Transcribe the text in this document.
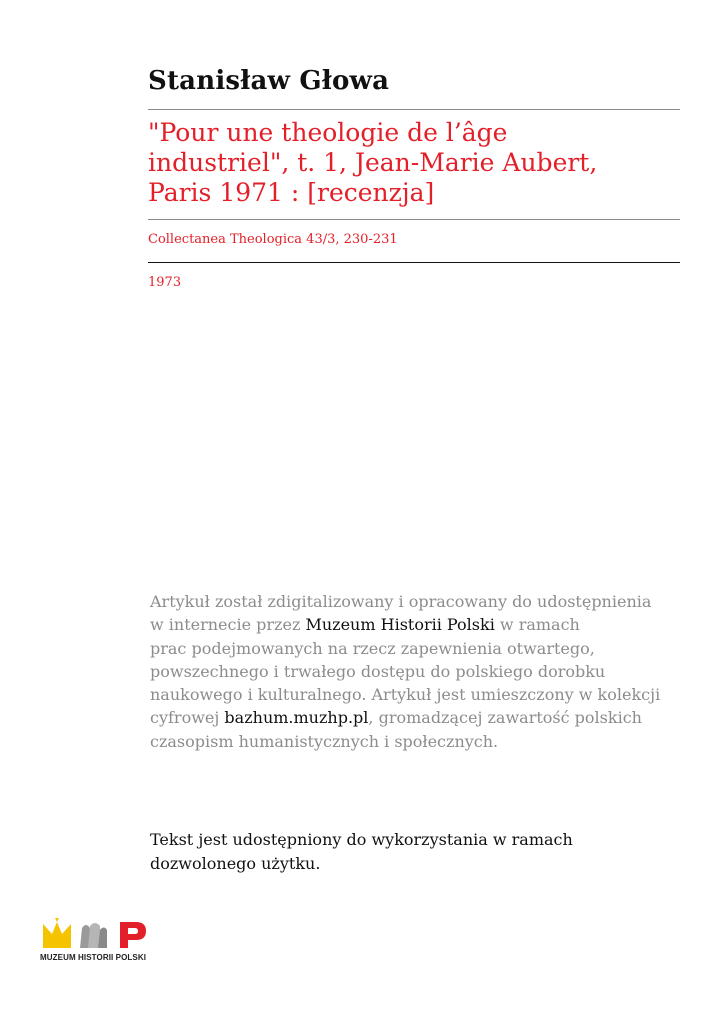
Stanisław Głowa
"Pour une theologie de l’âge
industriel", t. 1, Jean-Marie Aubert,
Paris 1971 : [recenzja]
Collectanea Theologica 43/3, 230-231
1973
Artykuł został zdigitalizowany i opracowany do udostępnienia
w internecie przez Muzeum Historii Polski w ramach
prac podejmowanych na rzecz zapewnienia otwartego,
powszechnego i trwałego dostępu do polskiego dorobku
naukowego i kulturalnego. Artykuł jest umieszczony w kolekcji
cyfrowej bazhum.muzhp.pl, gromadzącej zawartość polskich
czasopism humanistycznych i społecznych.
Tekst jest udostępniony do wykorzystania w ramach
dozwolonego użytku.
MUZEUM HISTORII POLSKI
